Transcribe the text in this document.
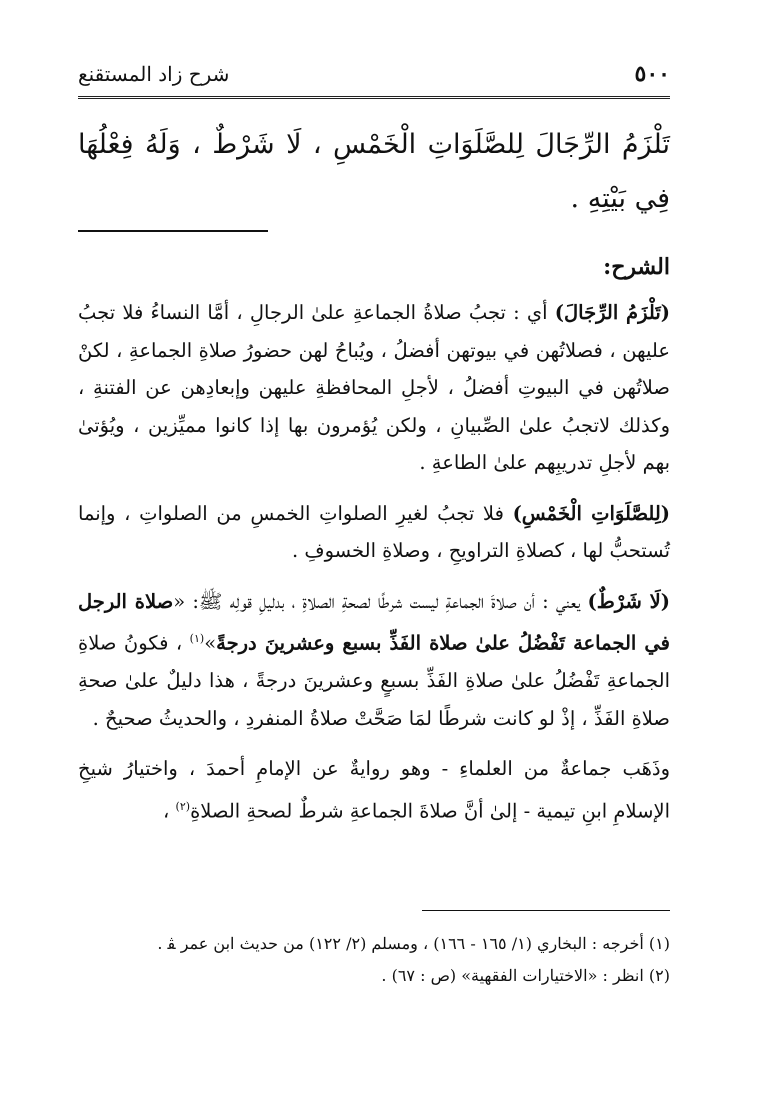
٥٠٠
شرح زاد المستقنع
تَلْزَمُ الرِّجَالَ لِلصَّلَوَاتِ الْخَمْسِ ، لَا شَرْطٌ ، وَلَهُ فِعْلُهَا فِي بَيْتِهِ .
الشرح:

(تَلْزَمُ الرِّجَالَ) أي : تجبُ صلاةُ الجماعةِ علىٰ الرجالِ ، أمَّا النساءُ فلا تجبُ عليهن ، فصلاتُهن في بيوتهن أفضلُ ، ويُباحُ لهن حضورُ صلاةِ الجماعةِ ، لكنْ صلاتُهن في البيوتِ أفضلُ ، لأجلِ المحافظةِ عليهن وإبعادِهن عن الفتنةِ ، وكذلك لاتجبُ علىٰ الصِّبيانِ ، ولكن يُؤمرون بها إذا كانوا مميِّزين ، ويُؤتىٰ بهم لأجلِ تدريبِهم علىٰ الطاعةِ .

(لِلصَّلَوَاتِ الْخَمْسِ) فلا تجبُ لغيرِ الصلواتِ الخمسِ من الصلواتِ ، وإنما تُستحبُّ لها ، كصلاةِ التراويحِ ، وصلاةِ الخسوفِ .

(لَا شَرْطٌ) يعني : أن صلاةَ الجماعةِ ليست شرطًا لصحةِ الصلاةِ ، بدليلِ قولِه ﷺ: «صلاة الرجل في الجماعة تَفْضُلُ علىٰ صلاة الفَذِّ بسبع وعشرينَ درجةً»$^{(١)}$ ، فكونُ صلاةِ الجماعةِ تَفْضُلُ علىٰ صلاةِ الفَذِّ بسبعٍ وعشرينَ درجةً ، هذا دليلٌ علىٰ صحةِ صلاةِ الفَذِّ ، إذْ لو كانت شرطًا لمَا صَحَّتْ صلاةُ المنفردِ ، والحديثُ صحيحٌ .

وذَهَب جماعةٌ من العلماءِ - وهو روايةٌ عن الإمامِ أحمدَ ، واختيارُ شيخِ الإسلامِ ابنِ تيمية - إلىٰ أنَّ صلاةَ الجماعةِ شرطٌ لصحةِ الصلاةِ$^{(٢)}$ ،

(١) أخرجه : البخاري (١/ ١٦٥ - ١٦٦) ، ومسلم (٢/ ١٢٢) من حديث ابن عمر ﭭ .
(٢) انظر : «الاختيارات الفقهية» (ص : ٦٧) .
